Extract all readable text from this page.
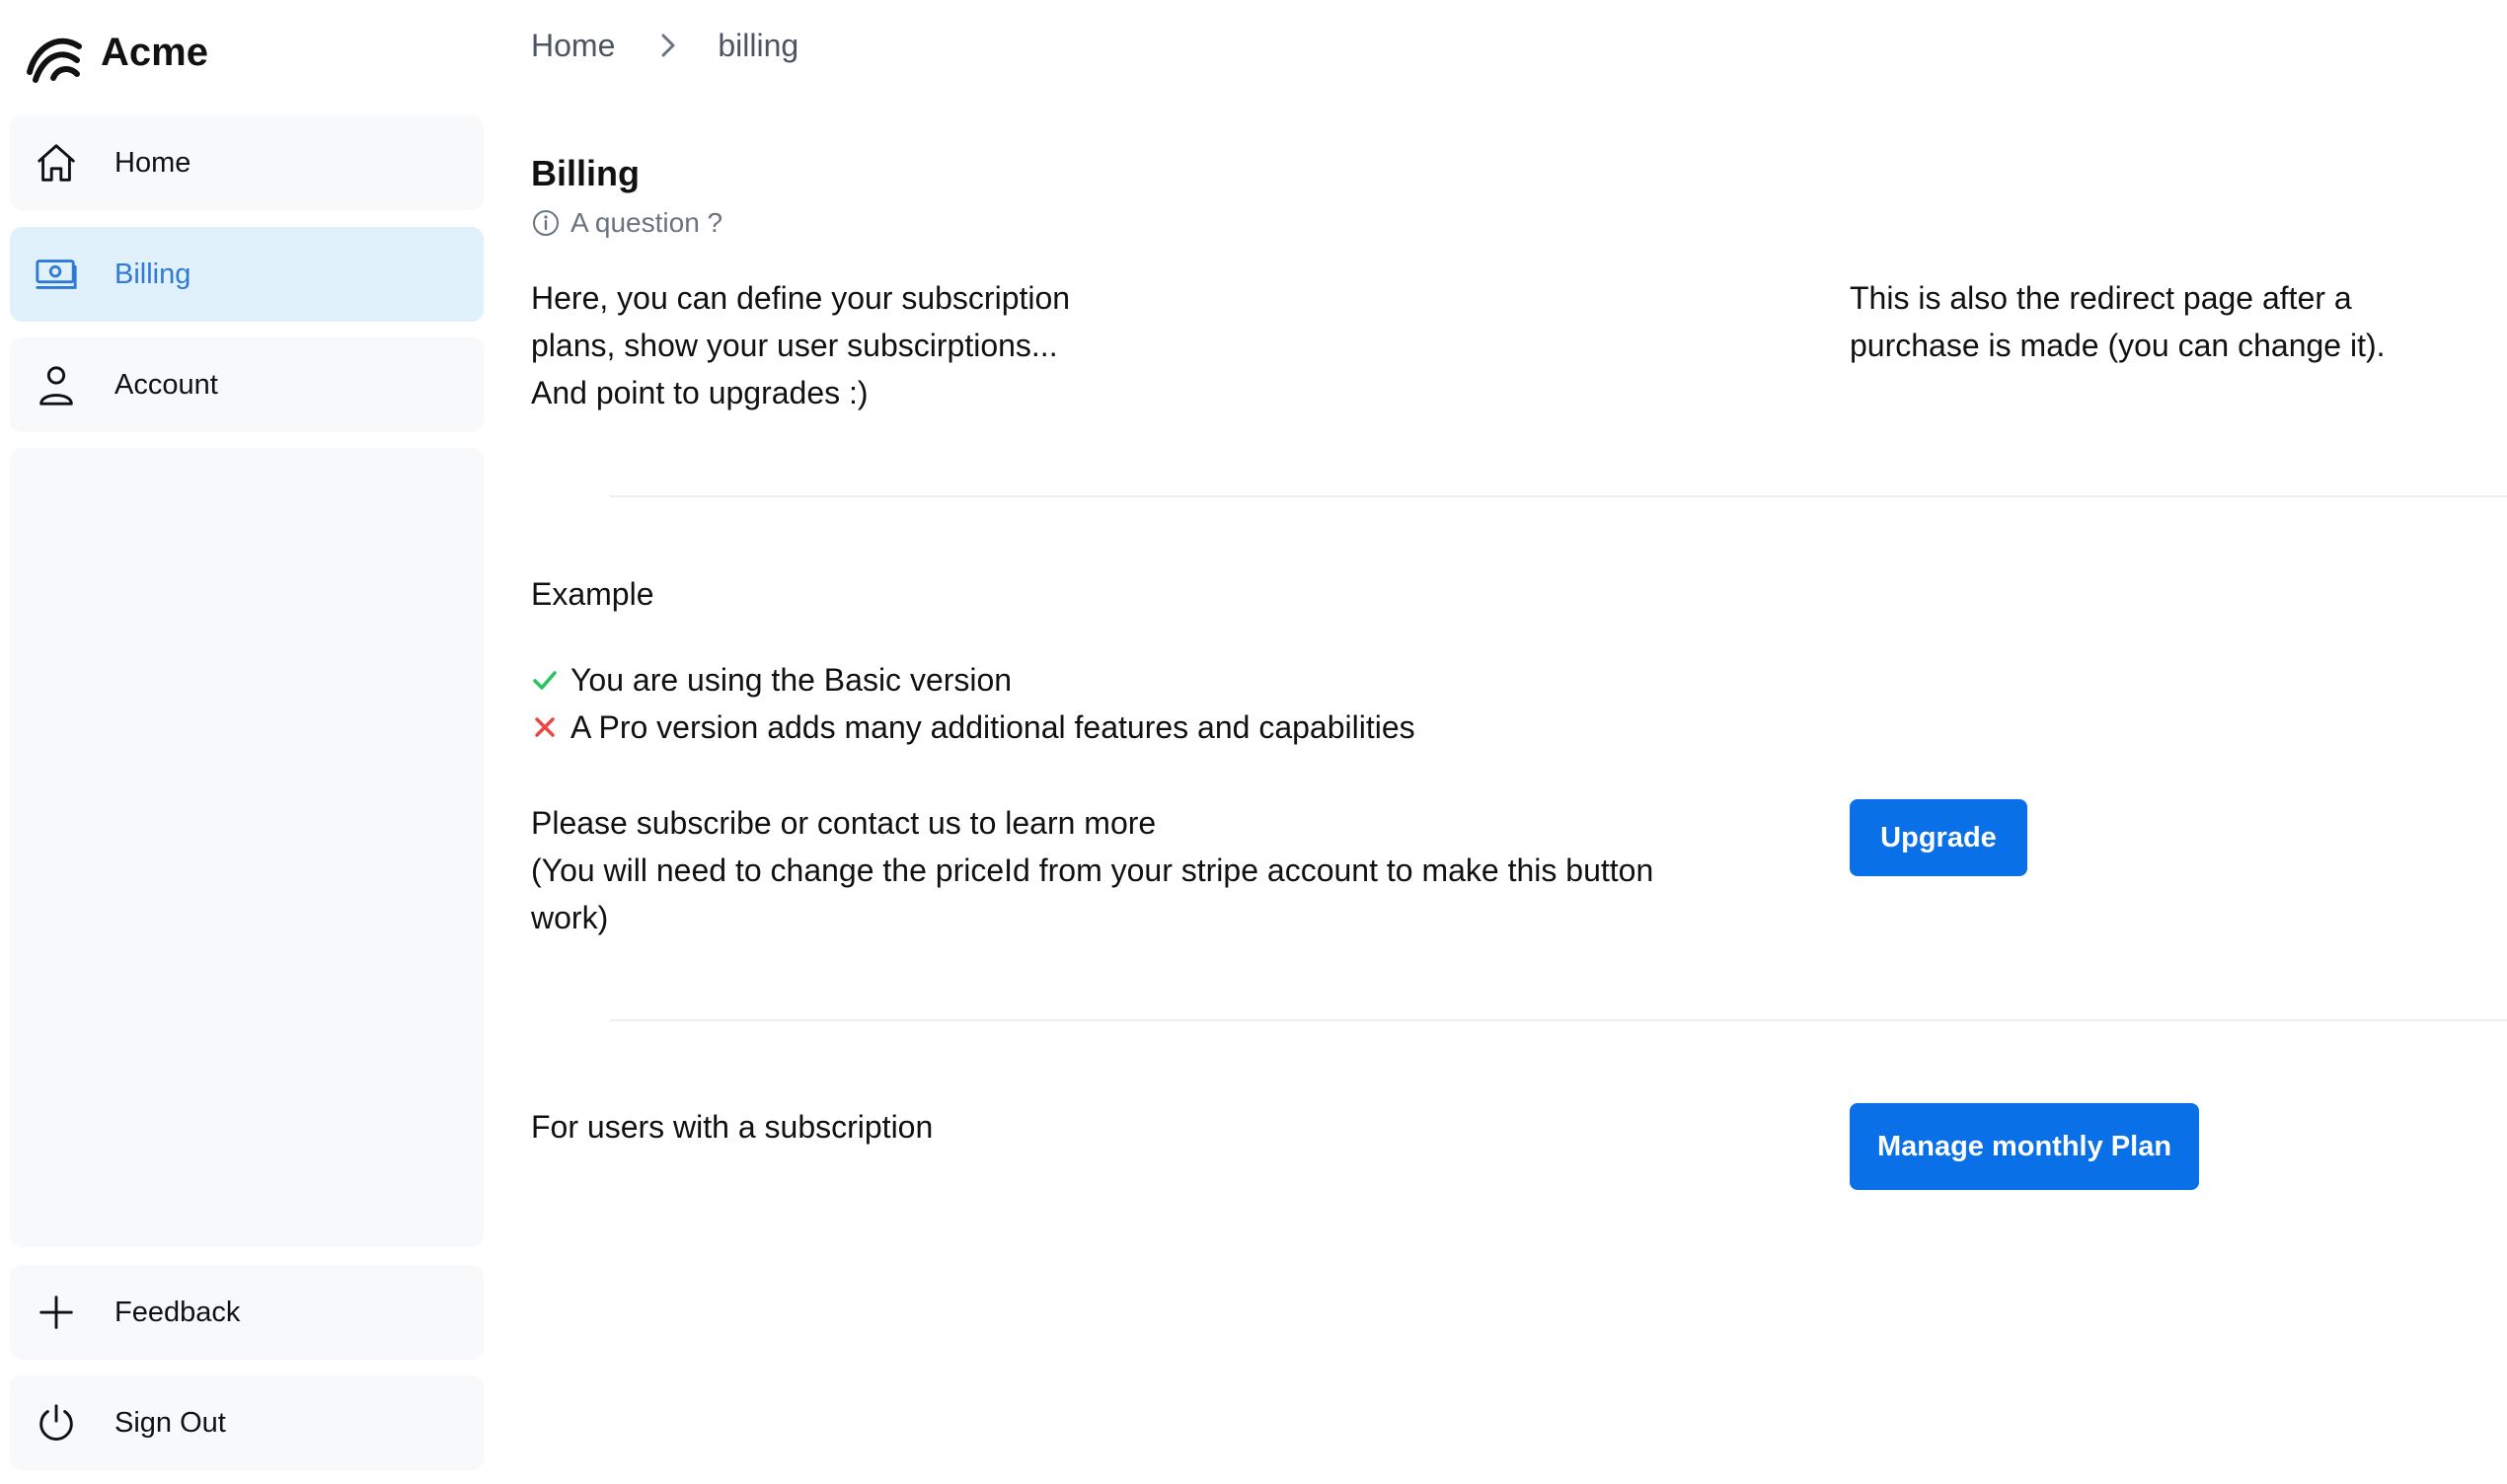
Acme
Home
Billing
Account
Feedback
Sign Out
Home	billing
Billing
A question ?
Here, you can define your subscription
plans, show your user subscirptions...
And point to upgrades :)
This is also the redirect page after a
purchase is made (you can change it).
Example
You are using the Basic version
A Pro version adds many additional features and capabilities
Please subscribe or contact us to learn more
(You will need to change the priceId from your stripe account to make this button
work)
Upgrade
For users with a subscription
Manage monthly Plan
